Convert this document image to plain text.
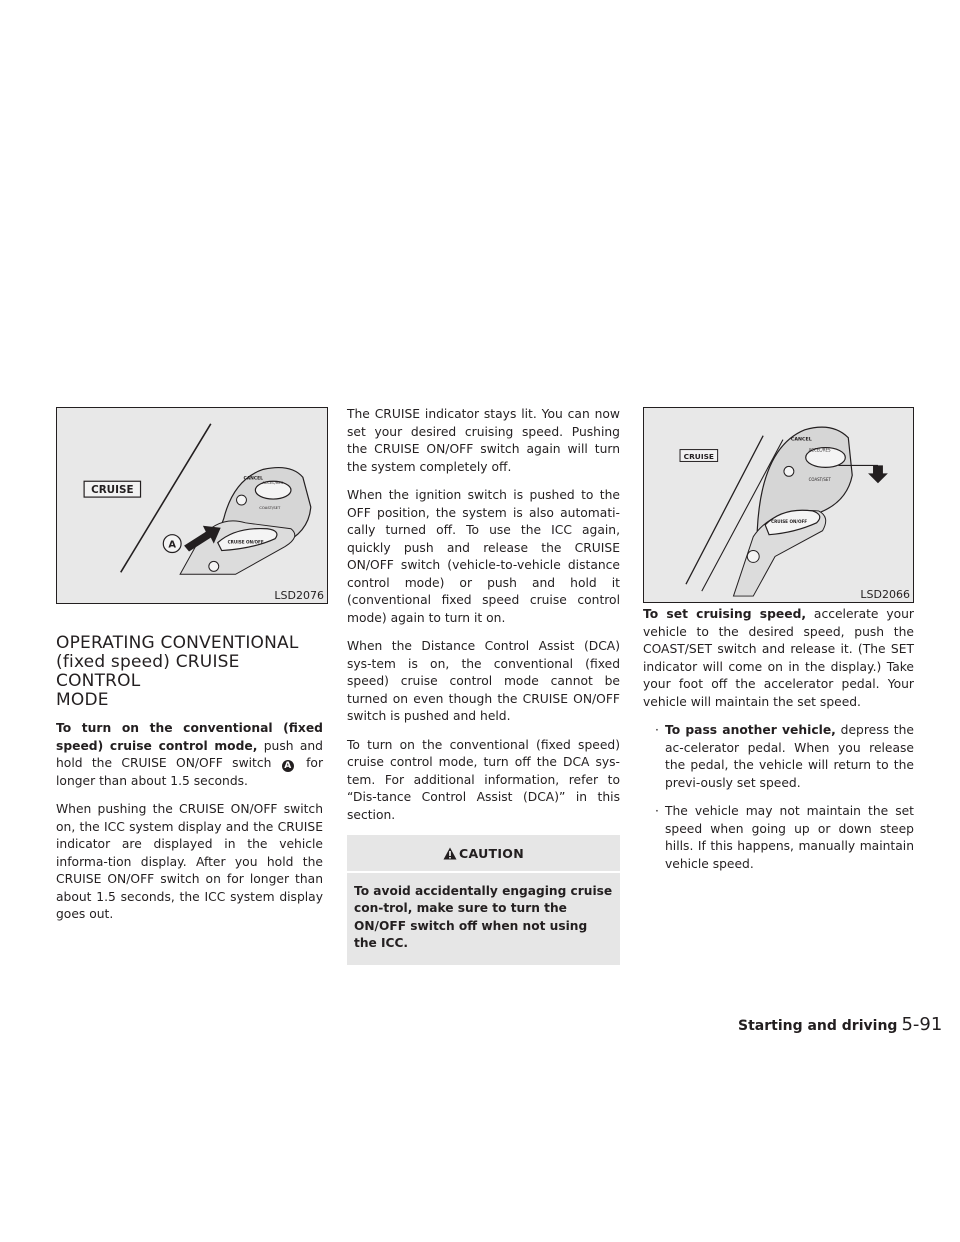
CRUISE
CANCEL
ACCEL/RES
COAST/SET
CRUISE ON/OFF
A
LSD2076
CRUISE
CANCEL
ACCEL/RES
COAST/SET
CRUISE ON/OFF
LSD2066
OPERATING CONVENTIONAL
(fixed speed) CRUISE CONTROL
MODE

To turn on the conventional (fixed speed) cruise control mode, push and hold the CRUISE ON/OFF switch A for longer than about 1.5 seconds.

When pushing the CRUISE ON/OFF switch on, the ICC system display and the CRUISE indicator are displayed in the vehicle informa-tion display. After you hold the CRUISE ON/OFF switch on for longer than about 1.5 seconds, the ICC system display goes out.

The CRUISE indicator stays lit. You can now set your desired cruising speed. Pushing the CRUISE ON/OFF switch again will turn the system completely off.

When the ignition switch is pushed to the OFF position, the system is also automati-cally turned off. To use the ICC again, quickly push and release the CRUISE ON/OFF switch (vehicle-to-vehicle distance control mode) or push and hold it (conventional fixed speed cruise control mode) again to turn it on.

When the Distance Control Assist (DCA) sys-tem is on, the conventional (fixed speed) cruise control mode cannot be turned on even though the CRUISE ON/OFF switch is pushed and held.

To turn on the conventional (fixed speed) cruise control mode, turn off the DCA sys-tem. For additional information, refer to “Dis-tance Control Assist (DCA)” in this section.

CAUTION
To avoid accidentally engaging cruise con-trol, make sure to turn the ON/OFF switch off when not using the ICC.

To set cruising speed, accelerate your vehicle to the desired speed, push the COAST/SET switch and release it. (The SET indicator will come on in the display.) Take your foot off the accelerator pedal. Your vehicle will maintain the set speed.

· To pass another vehicle, depress the ac-celerator pedal. When you release the pedal, the vehicle will return to the previ-ously set speed.
· The vehicle may not maintain the set speed when going up or down steep hills. If this happens, manually maintain vehicle speed.
Starting and driving 5-91
